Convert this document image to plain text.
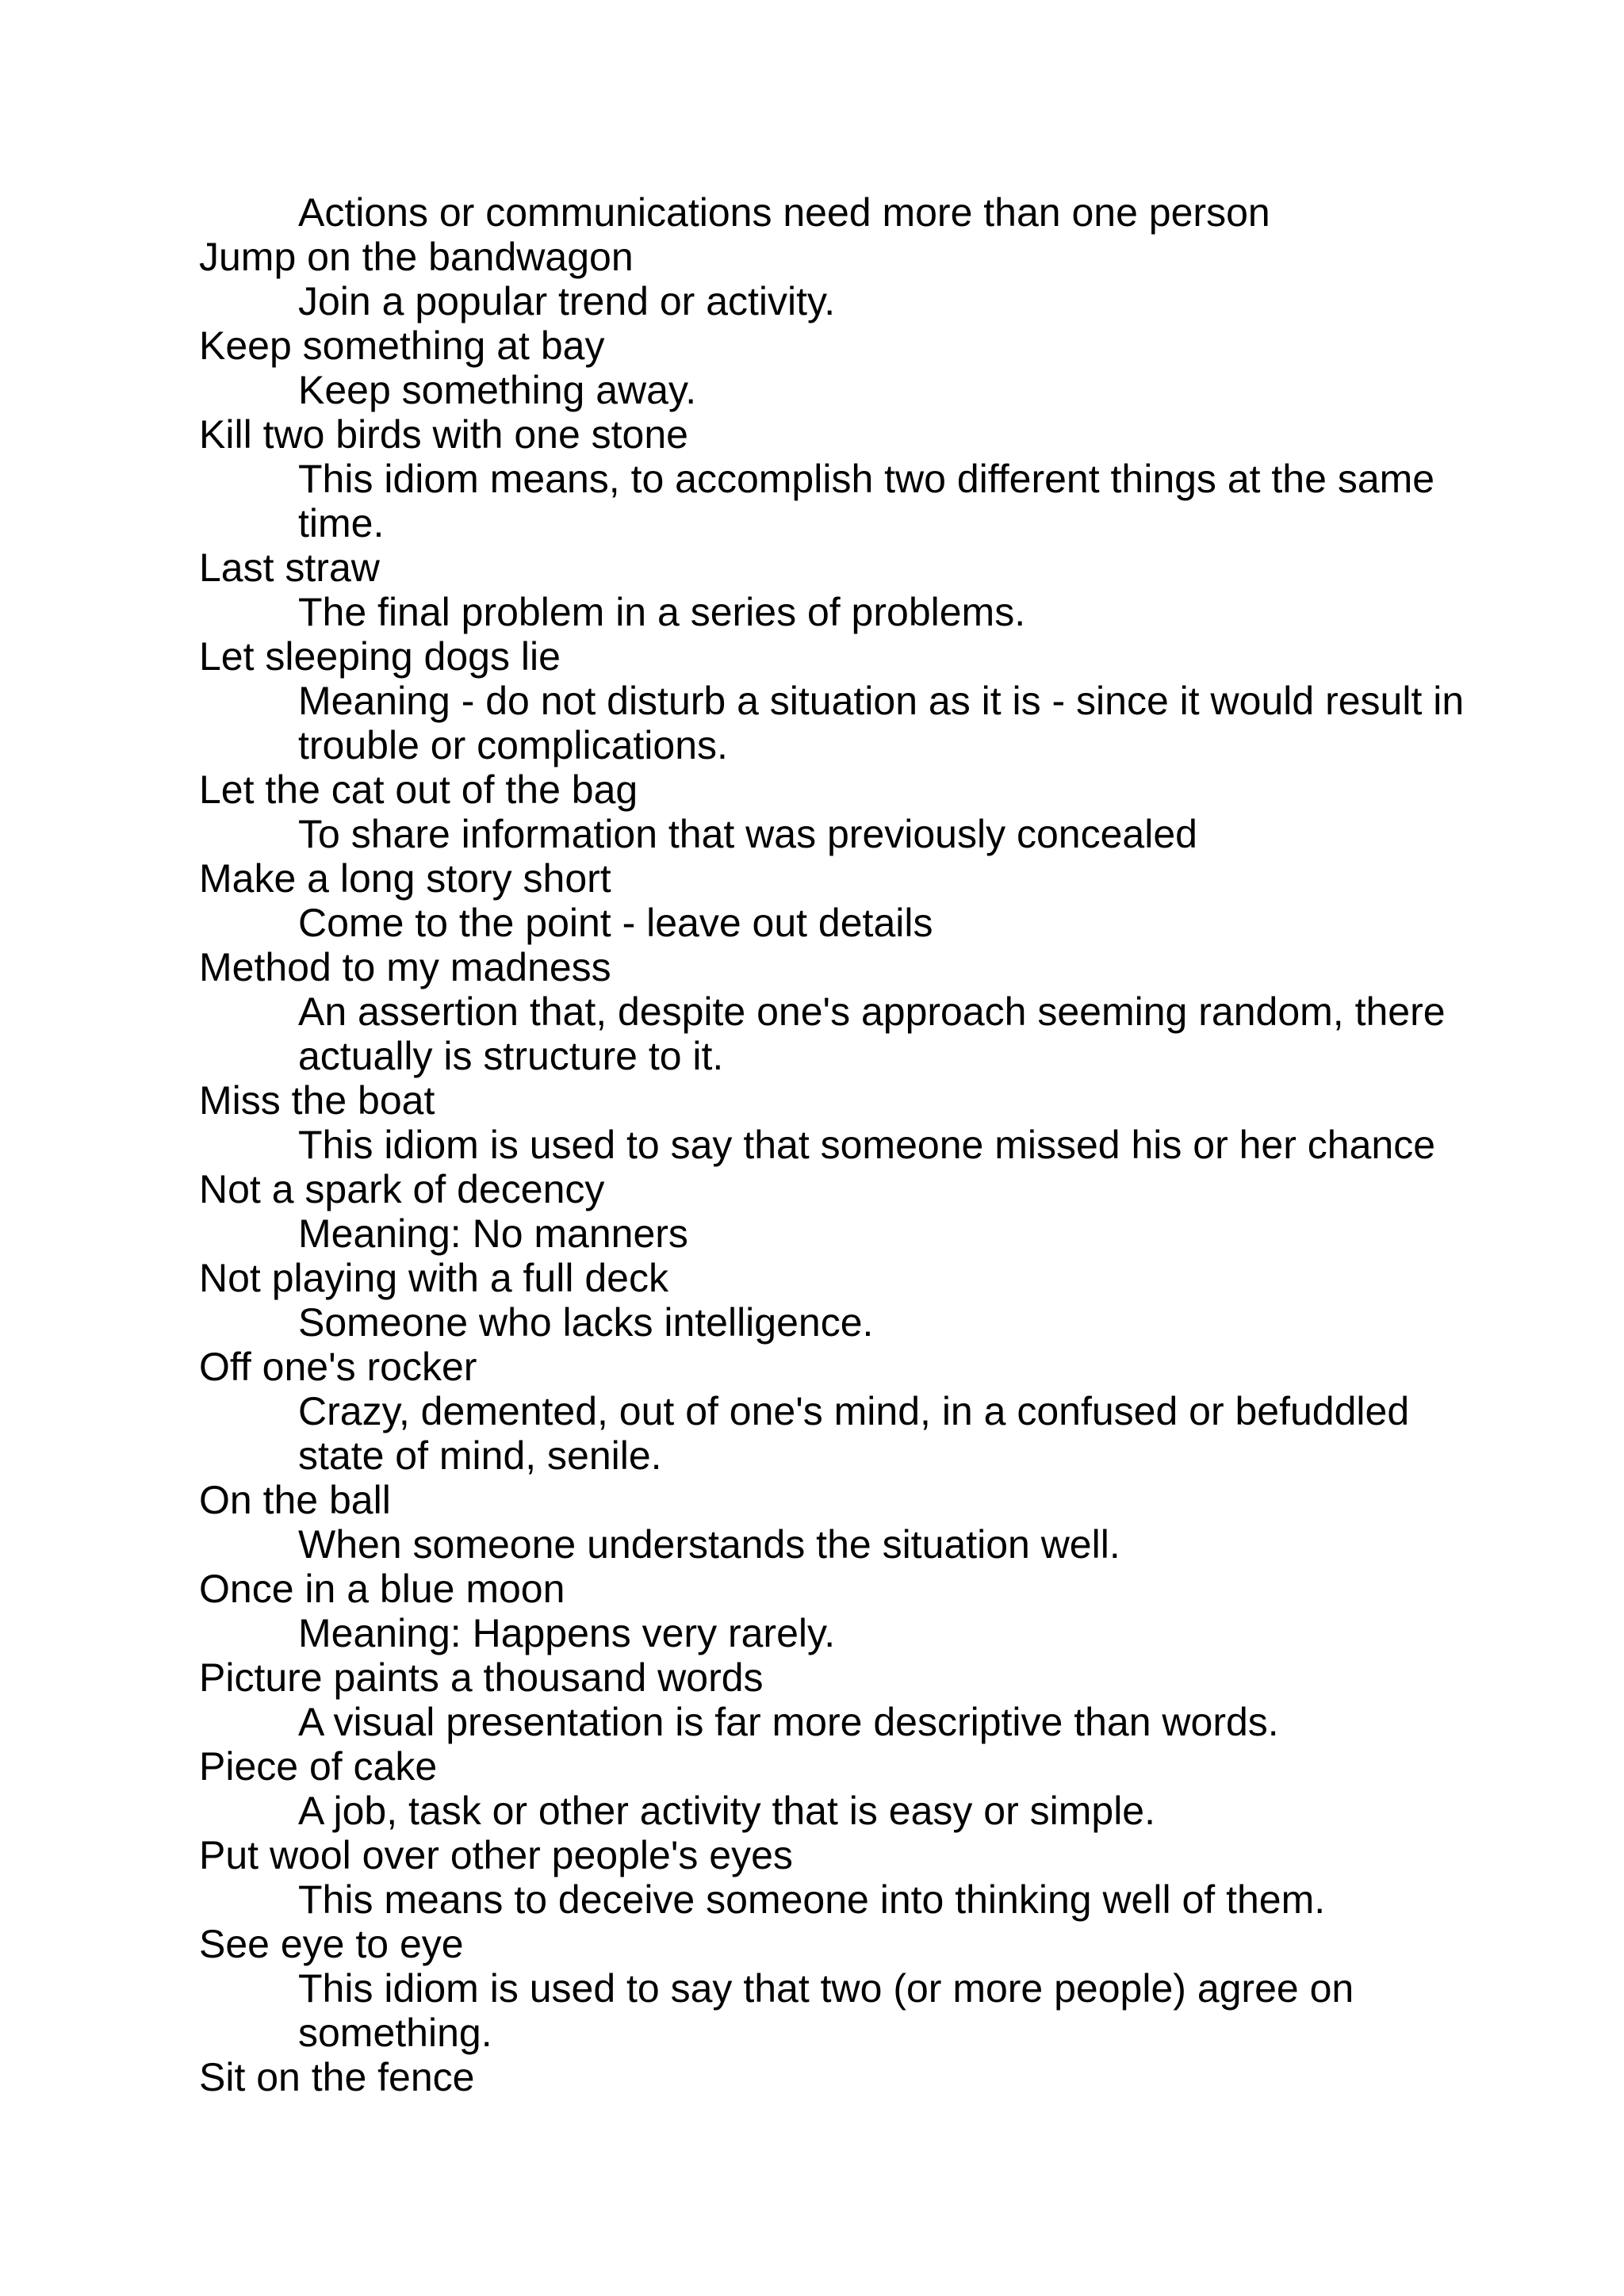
Actions or communications need more than one person

Jump on the bandwagon

Join a popular trend or activity.

Keep something at bay

Keep something away.

Kill two birds with one stone

This idiom means, to accomplish two different things at the same

time.

Last straw

The final problem in a series of problems.

Let sleeping dogs lie

Meaning - do not disturb a situation as it is - since it would result in

trouble or complications.

Let the cat out of the bag

To share information that was previously concealed

Make a long story short

Come to the point - leave out details

Method to my madness

An assertion that, despite one's approach seeming random, there

actually is structure to it.

Miss the boat

This idiom is used to say that someone missed his or her chance

Not a spark of decency

Meaning: No manners

Not playing with a full deck

Someone who lacks intelligence.

Off one's rocker

Crazy, demented, out of one's mind, in a confused or befuddled

state of mind, senile.

On the ball

When someone understands the situation well.

Once in a blue moon

Meaning: Happens very rarely.

Picture paints a thousand words

A visual presentation is far more descriptive than words.

Piece of cake

A job, task or other activity that is easy or simple.

Put wool over other people's eyes

This means to deceive someone into thinking well of them.

See eye to eye

This idiom is used to say that two (or more people) agree on

something.

Sit on the fence
